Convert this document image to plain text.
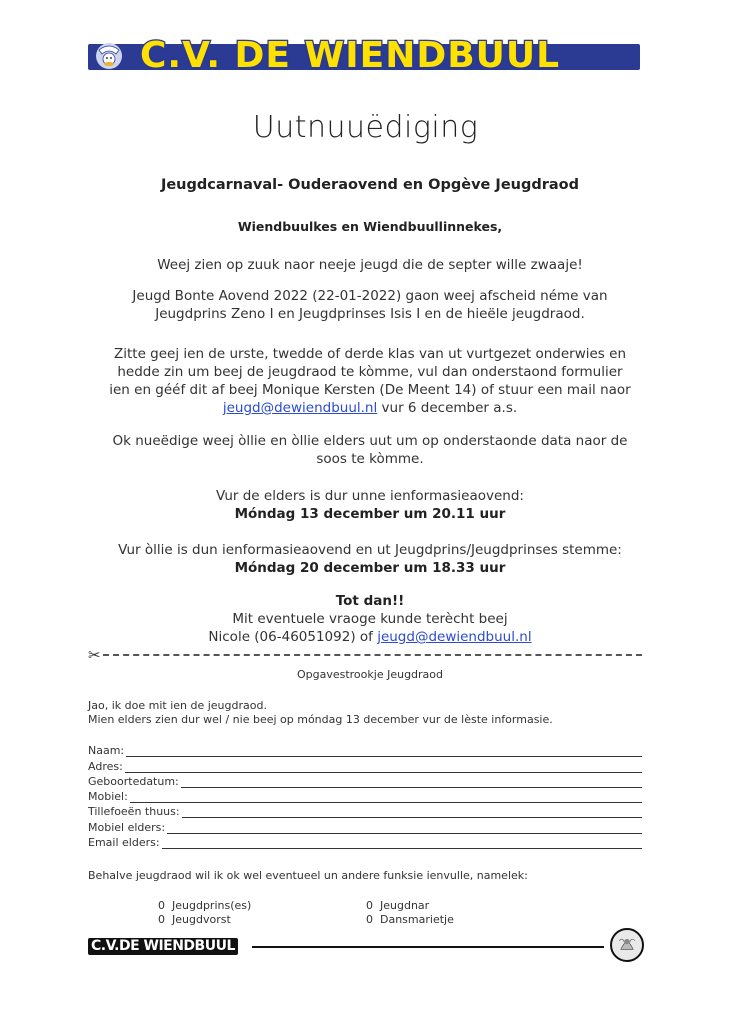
C.V. DE WIENDBUUL
Uutnuuëdiging
Jeugdcarnaval- Ouderaovend en Opgève Jeugdraod
Wiendbuulkes en Wiendbuullinnekes,
Weej zien op zuuk naor neeje jeugd die de septer wille zwaaje!
Jeugd Bonte Aovend 2022 (22-01-2022) gaon weej afscheid néme van
Jeugdprins Zeno I en Jeugdprinses Isis I en de hieële jeugdraod.
Zitte geej ien de urste, twedde of derde klas van ut vurtgezet onderwies en
hedde zin um beej de jeugdraod te kòmme, vul dan onderstaond formulier
ien en gééf dit af beej Monique Kersten (De Meent 14) of stuur een mail naor
jeugd@dewiendbuul.nl vur 6 december a.s.
Ok nueëdige weej òllie en òllie elders uut um op onderstaonde data naor de
soos te kòmme.
Vur de elders is dur unne ienformasieaovend:
Móndag 13 december um 20.11 uur
Vur òllie is dun ienformasieaovend en ut Jeugdprins/Jeugdprinses stemme:
Móndag 20 december um 18.33 uur
Tot dan!!
Mit eventuele vraoge kunde terècht beej
Nicole (06-46051092) of jeugd@dewiendbuul.nl
✂
Opgavestrookje Jeugdraod
Jao, ik doe mit ien de jeugdraod.
Mien elders zien dur wel / nie beej op móndag 13 december vur de lèste informasie.
Naam:
Adres:
Geboortedatum:
Mobiel:
Tillefoeën thuus:
Mobiel elders:
Email elders:
Behalve jeugdraod wil ik ok wel eventueel un andere funksie ienvulle, namelek:
0 Jeugdprins(es)
0 Jeugdvorst
0 Jeugdnar
0 Dansmarietje
C.V.DE WIENDBUUL
